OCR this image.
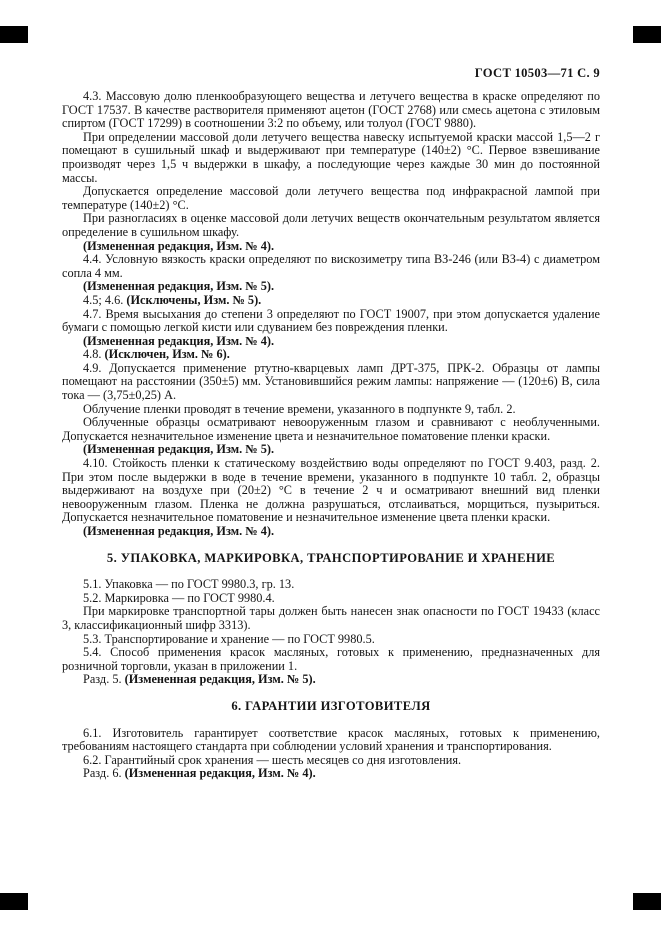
ГОСТ 10503—71 С. 9

4.3. Массовую долю пленкообразующего вещества и летучего вещества в краске определяют по ГОСТ 17537. В качестве растворителя применяют ацетон (ГОСТ 2768) или смесь ацетона с этиловым спиртом (ГОСТ 17299) в соотношении 3:2 по объему, или толуол (ГОСТ 9880).

При определении массовой доли летучего вещества навеску испытуемой краски массой 1,5—2 г помещают в сушильный шкаф и выдерживают при температуре (140±2) °С. Первое взвешивание производят через 1,5 ч выдержки в шкафу, а последующие через каждые 30 мин до постоянной массы.

Допускается определение массовой доли летучего вещества под инфракрасной лампой при температуре (140±2) °С.

При разногласиях в оценке массовой доли летучих веществ окончательным результатом является определение в сушильном шкафу.

(Измененная редакция, Изм. № 4).

4.4. Условную вязкость краски определяют по вискозиметру типа ВЗ-246 (или ВЗ-4) с диаметром сопла 4 мм.

(Измененная редакция, Изм. № 5).

4.5; 4.6. (Исключены, Изм. № 5).

4.7. Время высыхания до степени 3 определяют по ГОСТ 19007, при этом допускается удаление бумаги с помощью легкой кисти или сдуванием без повреждения пленки.

(Измененная редакция, Изм. № 4).

4.8. (Исключен, Изм. № 6).

4.9. Допускается применение ртутно-кварцевых ламп ДРТ-375, ПРК-2. Образцы от лампы помещают на расстоянии (350±5) мм. Установившийся режим лампы: напряжение — (120±6) В, сила тока — (3,75±0,25) А.

Облучение пленки проводят в течение времени, указанного в подпункте 9, табл. 2.

Облученные образцы осматривают невооруженным глазом и сравнивают с необлученными. Допускается незначительное изменение цвета и незначительное поматовение пленки краски.

(Измененная редакция, Изм. № 5).

4.10. Стойкость пленки к статическому воздействию воды определяют по ГОСТ 9.403, разд. 2. При этом после выдержки в воде в течение времени, указанного в подпункте 10 табл. 2, образцы выдерживают на воздухе при (20±2) °С в течение 2 ч и осматривают внешний вид пленки невооруженным глазом. Пленка не должна разрушаться, отслаиваться, морщиться, пузыриться. Допускается незначительное поматовение и незначительное изменение цвета пленки краски.

(Измененная редакция, Изм. № 4).

5. УПАКОВКА, МАРКИРОВКА, ТРАНСПОРТИРОВАНИЕ И ХРАНЕНИЕ

5.1. Упаковка — по ГОСТ 9980.3, гр. 13.

5.2. Маркировка — по ГОСТ 9980.4.

При маркировке транспортной тары должен быть нанесен знак опасности по ГОСТ 19433 (класс 3, классификационный шифр 3313).

5.3. Транспортирование и хранение — по ГОСТ 9980.5.

5.4. Способ применения красок масляных, готовых к применению, предназначенных для розничной торговли, указан в приложении 1.

Разд. 5. (Измененная редакция, Изм. № 5).

6. ГАРАНТИИ ИЗГОТОВИТЕЛЯ

6.1. Изготовитель гарантирует соответствие красок масляных, готовых к применению, требованиям настоящего стандарта при соблюдении условий хранения и транспортирования.

6.2. Гарантийный срок хранения — шесть месяцев со дня изготовления.

Разд. 6. (Измененная редакция, Изм. № 4).
